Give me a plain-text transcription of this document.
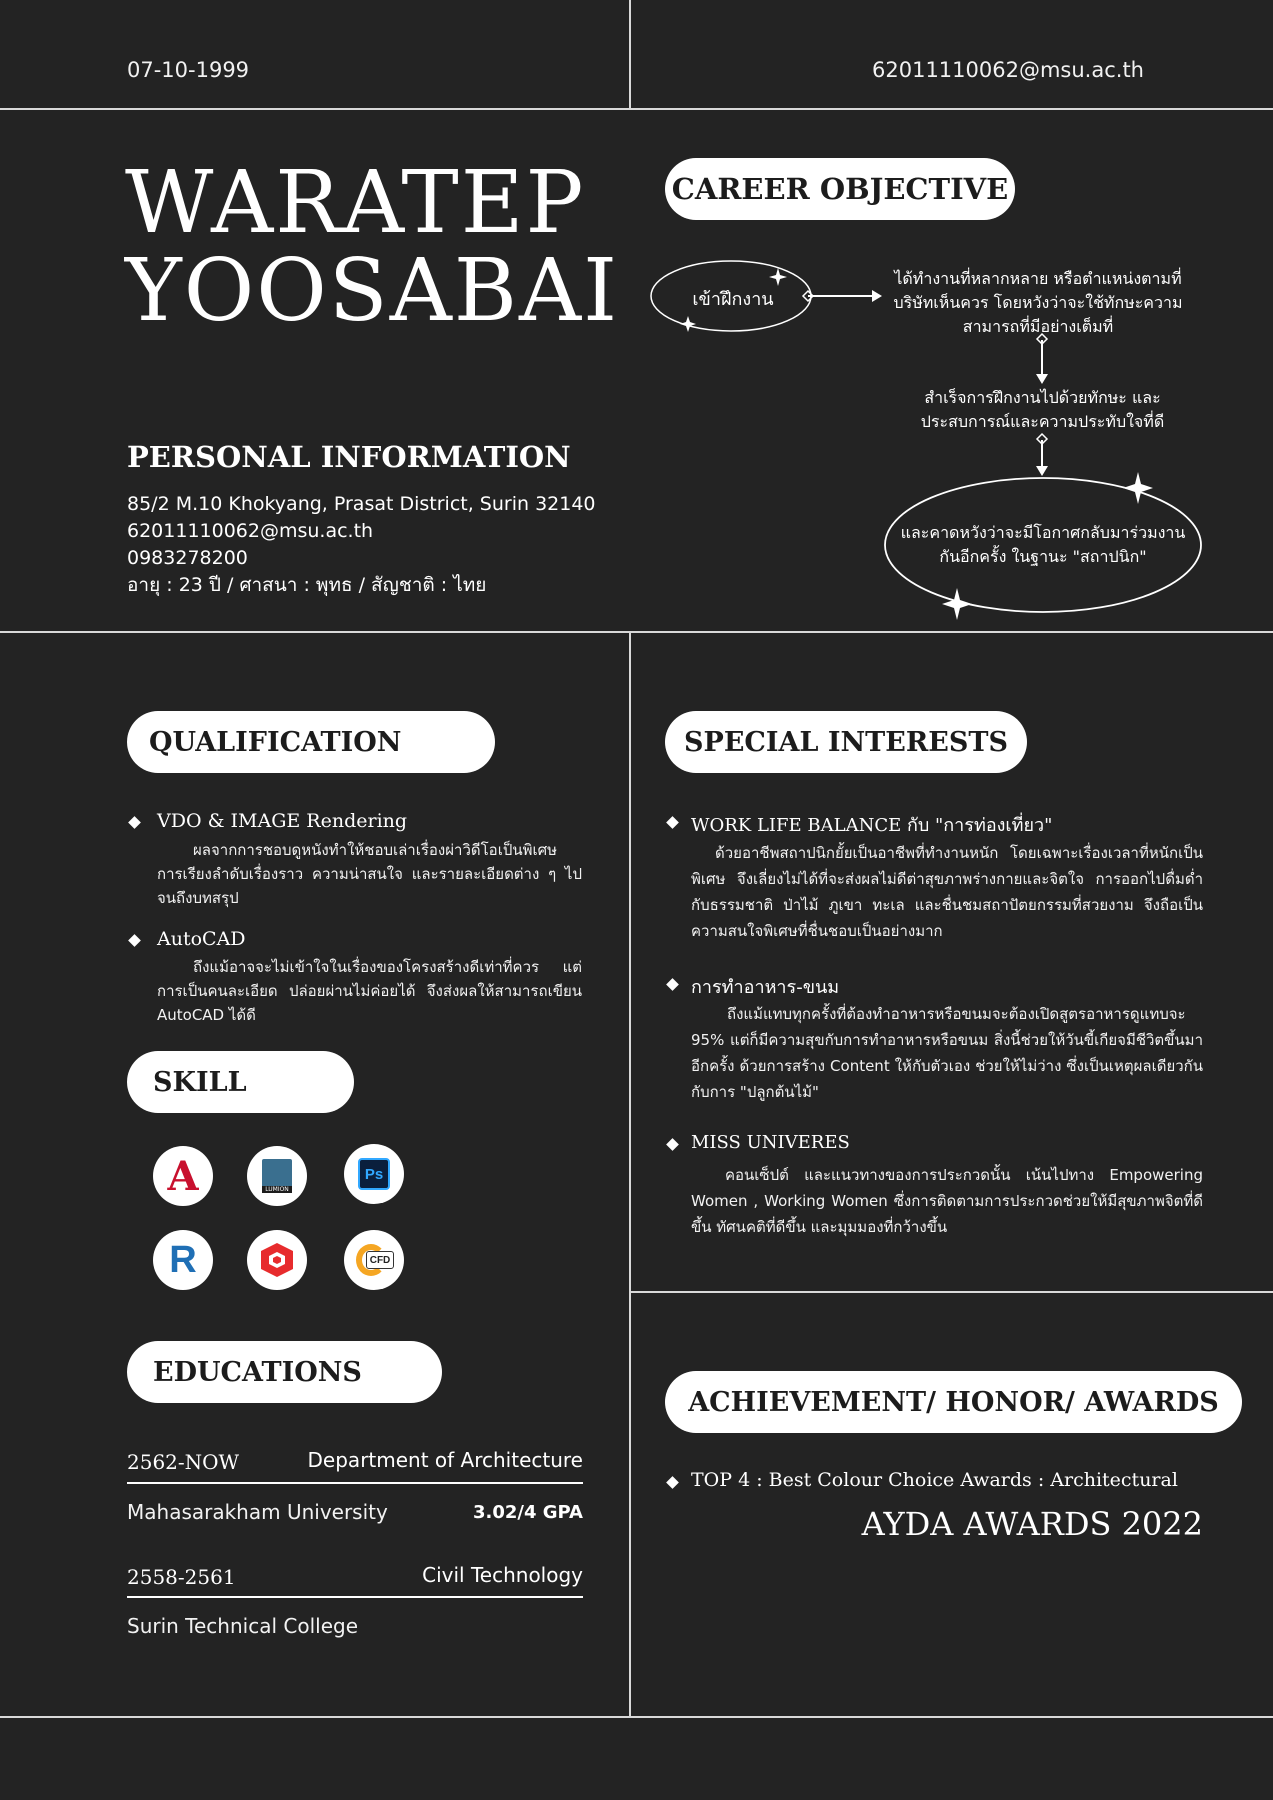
07-10-1999	62011110062@msu.ac.th
WARATEP
YOOSABAI
PERSONAL INFORMATION
85/2 M.10 Khokyang, Prasat District, Surin 32140
62011110062@msu.ac.th
0983278200
อายุ : 23 ปี / ศาสนา : พุทธ / สัญชาติ : ไทย
CAREER OBJECTIVE
เข้าฝึกงาน
ได้ทำงานที่หลากหลาย หรือตำแหน่งตามที่ บริษัทเห็นควร โดยหวังว่าจะใช้ทักษะความ สามารถที่มีอย่างเต็มที่
สำเร็จการฝึกงานไปด้วยทักษะ และ ประสบการณ์และความประทับใจที่ดี
และคาดหวังว่าจะมีโอกาศกลับมาร่วมงาน กันอีกครั้ง ในฐานะ "สถาปนิก"
QUALIFICATION
VDO & IMAGE Rendering
ผลจากการชอบดูหนังทำให้ชอบเล่าเรื่องผ่าวิดีโอเป็นพิเศษ การเรียงลำดับเรื่องราว ความน่าสนใจ และรายละเอียดต่าง ๆ ไปจนถึงบทสรุป
AutoCAD
ถึงแม้อาจจะไม่เข้าใจในเรื่องของโครงสร้างดีเท่าที่ควร แต่การเป็นคนละเอียด ปล่อยผ่านไม่ค่อยได้ จึงส่งผลให้สามารถเขียน AutoCAD ได้ดี
SKILL
A	LUMION
Ps
R	CFD
EDUCATIONS
2562-NOW	Department of Architecture
Mahasarakham University	3.02/4 GPA
2558-2561	Civil Technology
Surin Technical College
SPECIAL INTERESTS
WORK LIFE BALANCE กับ "การท่องเที่ยว"
ด้วยอาชีพสถาปนิกยั้ยเป็นอาชีพที่ทำงานหนัก โดยเฉพาะเรื่องเวลาที่หนักเป็นพิเศษ จึงเลี่ยงไม่ได้ที่จะส่งผลไม่ดีต่าสุขภาพร่างกายและจิตใจ การออกไปดื่มด่ำกับธรรมชาติ ป่าไม้ ภูเขา ทะเล และชื่นชมสถาปัตยกรรมที่สวยงาม จึงถือเป็นความสนใจพิเศษที่ชื่นชอบเป็นอย่างมาก
การทำอาหาร-ขนม
ถึงแม้แทบทุกครั้งที่ต้องทำอาหารหรือขนมจะต้องเปิดสูตรอาหารดูแทบจะ 95% แต่ก็มีความสุขกับการทำอาหารหรือขนม สิ่งนี้ช่วยให้วันขี้เกียจมีชีวิตขึ้นมาอีกครั้ง ด้วยการสร้าง Content ให้กับตัวเอง ช่วยให้ไม่ว่าง ซึ่งเป็นเหตุผลเดียวกันกับการ "ปลูกต้นไม้"
MISS UNIVERES
คอนเซ็ปต์ และแนวทางของการประกวดนั้น เน้นไปทาง Empowering Women , Working Women ซึ่งการติดตามการประกวดช่วยให้มีสุขภาพจิตที่ดีขึ้น ทัศนคติที่ดีขึ้น และมุมมองที่กว้างขึ้น
ACHIEVEMENT/ HONOR/ AWARDS
TOP 4 : Best Colour Choice Awards : Architectural
AYDA AWARDS 2022
